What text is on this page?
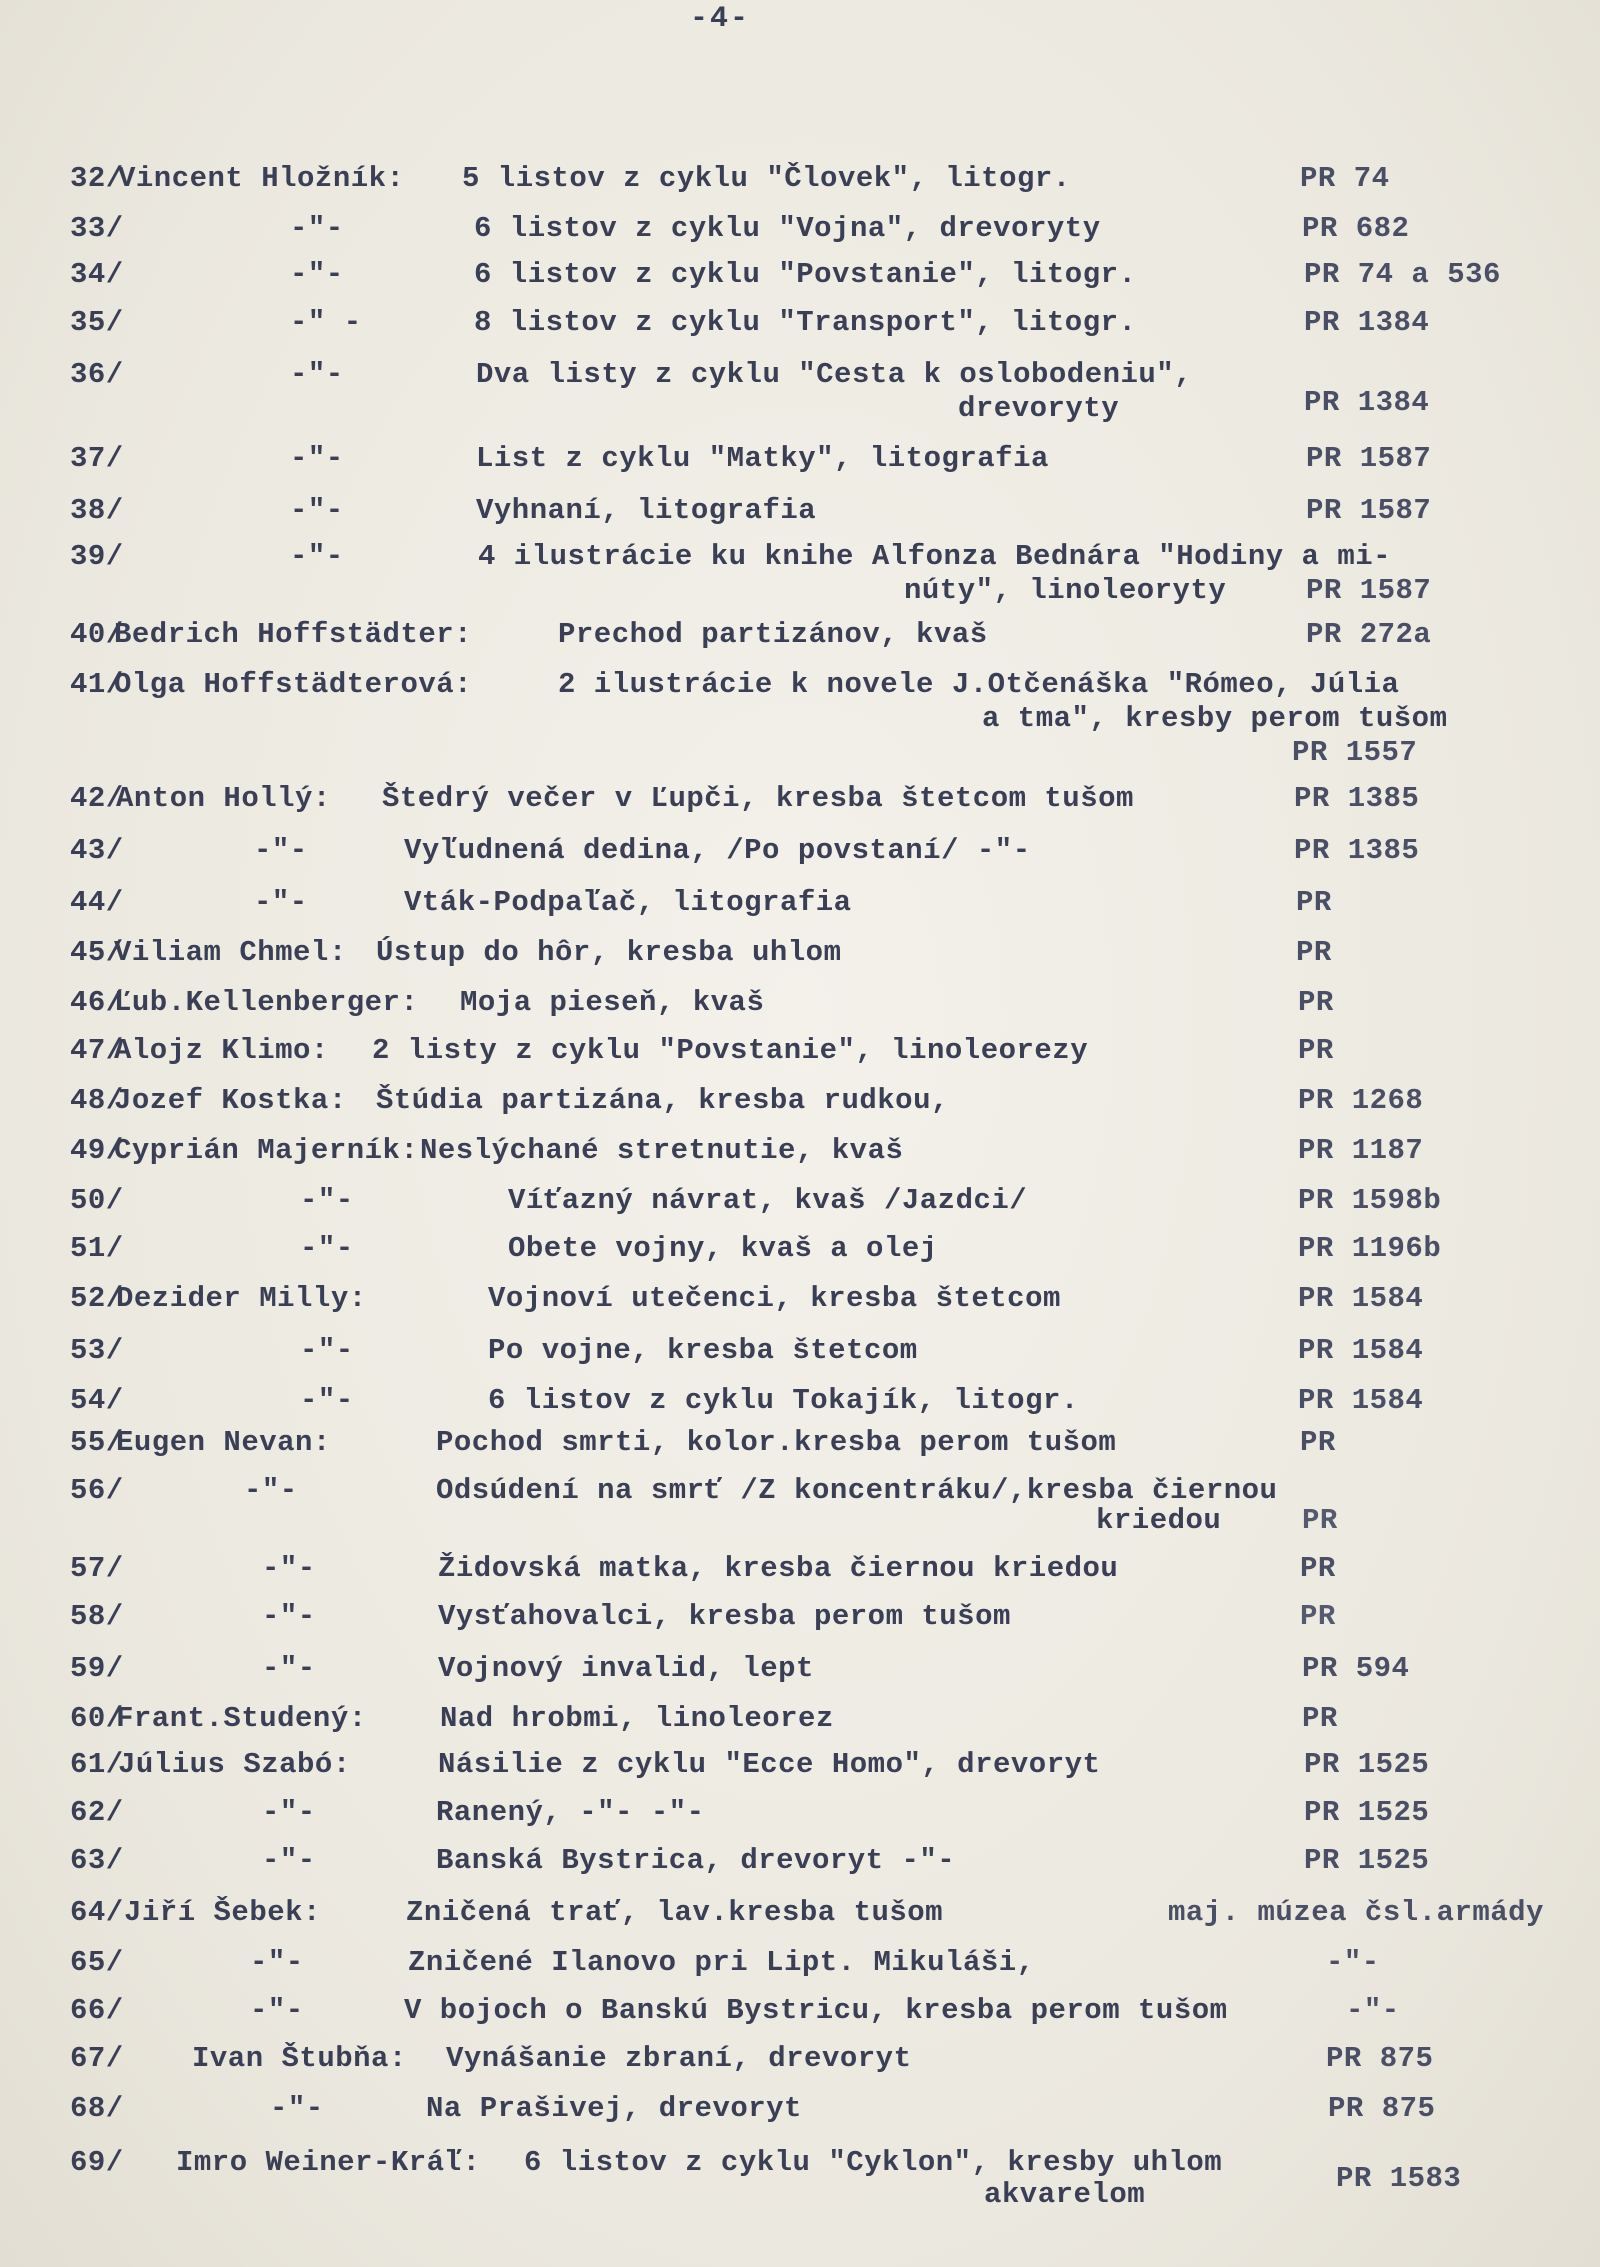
-4-
32/
Vincent Hložník: 5 listov z cyklu "Človek", litogr.	PR 74
33/	-"-	6 listov z cyklu "Vojna", drevoryty	PR 682
34/	-"-	6 listov z cyklu "Povstanie", litogr.	PR 74 a 536
35/	-" -	8 listov z cyklu "Transport", litogr.	PR 1384
36/	-"-	Dva listy z cyklu "Cesta k oslobodeniu",
drevoryty	PR 1384
37/	-"-	List z cyklu "Matky", litografia	PR 1587
38/	-"-	Vyhnaní, litografia	PR 1587
39/	-"-	4 ilustrácie ku knihe Alfonza Bednára "Hodiny a mi-
núty", linoleoryty	PR 1587
40/
Bedrich Hoffstädter:	Prechod partizánov, kvaš	PR 272a
41/
Olga Hoffstädterová:	2 ilustrácie k novele J.Otčenáška "Rómeo, Júlia
a tma", kresby perom tušom
PR 1557
42/
Anton Hollý: Štedrý večer v Ľupči, kresba štetcom tušom	PR 1385
43/	-"-	Vyľudnená dedina, /Po povstaní/ -"-	PR 1385
44/	-"-	Vták-Podpaľač, litografia	PR
45/
Viliam Chmel: Ústup do hôr, kresba uhlom	PR
46/
Ľub.Kellenberger: Moja pieseň, kvaš	PR
47/
Alojz Klimo: 2 listy z cyklu "Povstanie", linoleorezy	PR
48/
Jozef Kostka: Štúdia partizána, kresba rudkou,	PR 1268
49/
Cyprián Majerník: Neslýchané stretnutie, kvaš	PR 1187
50/	-"-	Víťazný návrat, kvaš /Jazdci/	PR 1598b
51/	-"-	Obete vojny, kvaš a olej	PR 1196b
52/
Dezider Milly:	Vojnoví utečenci, kresba štetcom	PR 1584
53/	-"-	Po vojne, kresba štetcom	PR 1584
54/	-"-	6 listov z cyklu Tokajík, litogr.	PR 1584
55/
Eugen Nevan:	Pochod smrti, kolor.kresba perom tušom	PR
56/	-"-	Odsúdení na smrť /Z koncentráku/,kresba čiernou
kriedou	PR
57/	-"-	Židovská matka, kresba čiernou kriedou	PR
58/	-"-	Vysťahovalci, kresba perom tušom	PR
59/	-"-	Vojnový invalid, lept	PR 594
60/
Frant.Studený:	Nad hrobmi, linoleorez	PR
61/
Július Szabó:	Násilie z cyklu "Ecce Homo", drevoryt	PR 1525
62/	-"-	Ranený, -"- -"-	PR 1525
63/	-"-	Banská Bystrica, drevoryt -"-	PR 1525
64/ Jiří Šebek:	Zničená trať, lav.kresba tušom	maj. múzea čsl.armády
65/	-"-	Zničené Ilanovo pri Lipt. Mikuláši,	-"-
66/	-"-	V bojoch o Banskú Bystricu, kresba perom tušom	-"-
67/	Ivan Štubňa: Vynášanie zbraní, drevoryt	PR 875
68/	-"-	Na Prašivej, drevoryt	PR 875
69/	Imro Weiner-Kráľ: 6 listov z cyklu "Cyklon", kresby uhlom
akvarelom	PR 1583
